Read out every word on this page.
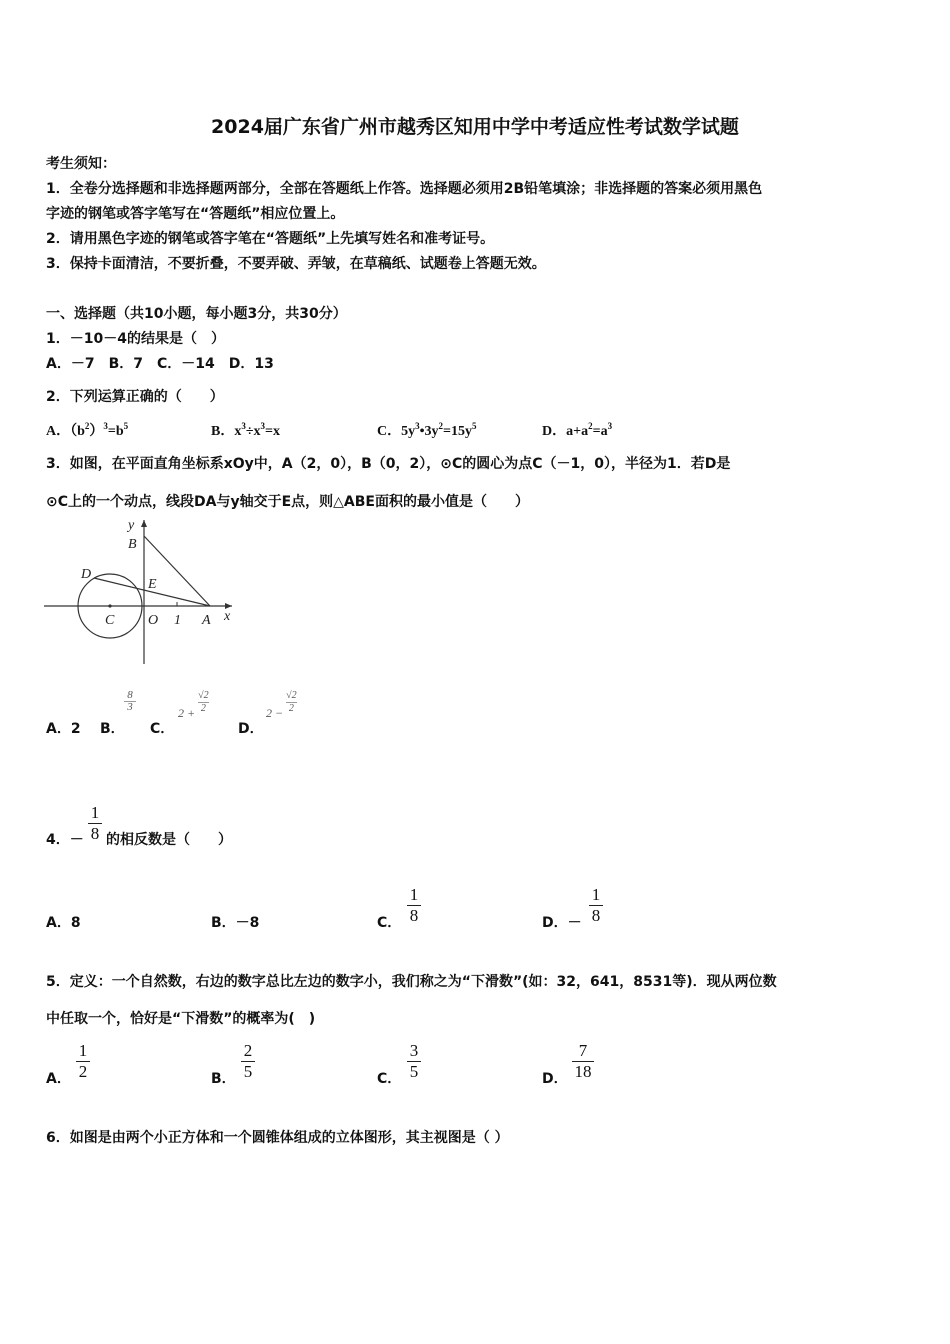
2024届广东省广州市越秀区知用中学中考适应性考试数学试题
考生须知：
1．全卷分选择题和非选择题两部分，全部在答题纸上作答。选择题必须用2B铅笔填涂；非选择题的答案必须用黑色
字迹的钢笔或答字笔写在“答题纸”相应位置上。
2．请用黑色字迹的钢笔或答字笔在“答题纸”上先填写姓名和准考证号。
3．保持卡面清洁，不要折叠，不要弄破、弄皱，在草稿纸、试题卷上答题无效。
一、选择题（共10小题，每小题3分，共30分）
1．－10－4的结果是（　）
A．－7　B．7　C．－14　D．13
2．下列运算正确的（　　）
A．$(b^2)^3=b^5$	B．$x^3\div x^3=x$	C．$5y^3•3y^2=15y^5$	D．$a+a^2=a^3$
3．如图，在平面直角坐标系xOy中，A（2，0），B（0，2），⊙C的圆心为点C（－1，0），半径为1．若D是
⊙C上的一个动点，线段DA与y轴交于E点，则△ABE面积的最小值是（　　）
y
B
D
E
C O 1 A x
A．2 B．
8
3
C．
$2 + \frac{√2}{2}$
D．
$2 - \frac{√2}{2}$
4．－
1
8 的相反数是（　　）
A．8	B．－8	C．
1
8	D．－
1
8
5．定义：一个自然数，右边的数字总比左边的数字小，我们称之为“下滑数”(如：32，641，8531等)．现从两位数
中任取一个，恰好是“下滑数”的概率为(　)
A．
1
2	B．
2
5	C．
3
5	D．
7
18
6．如图是由两个小正方体和一个圆锥体组成的立体图形，其主视图是（ ）
